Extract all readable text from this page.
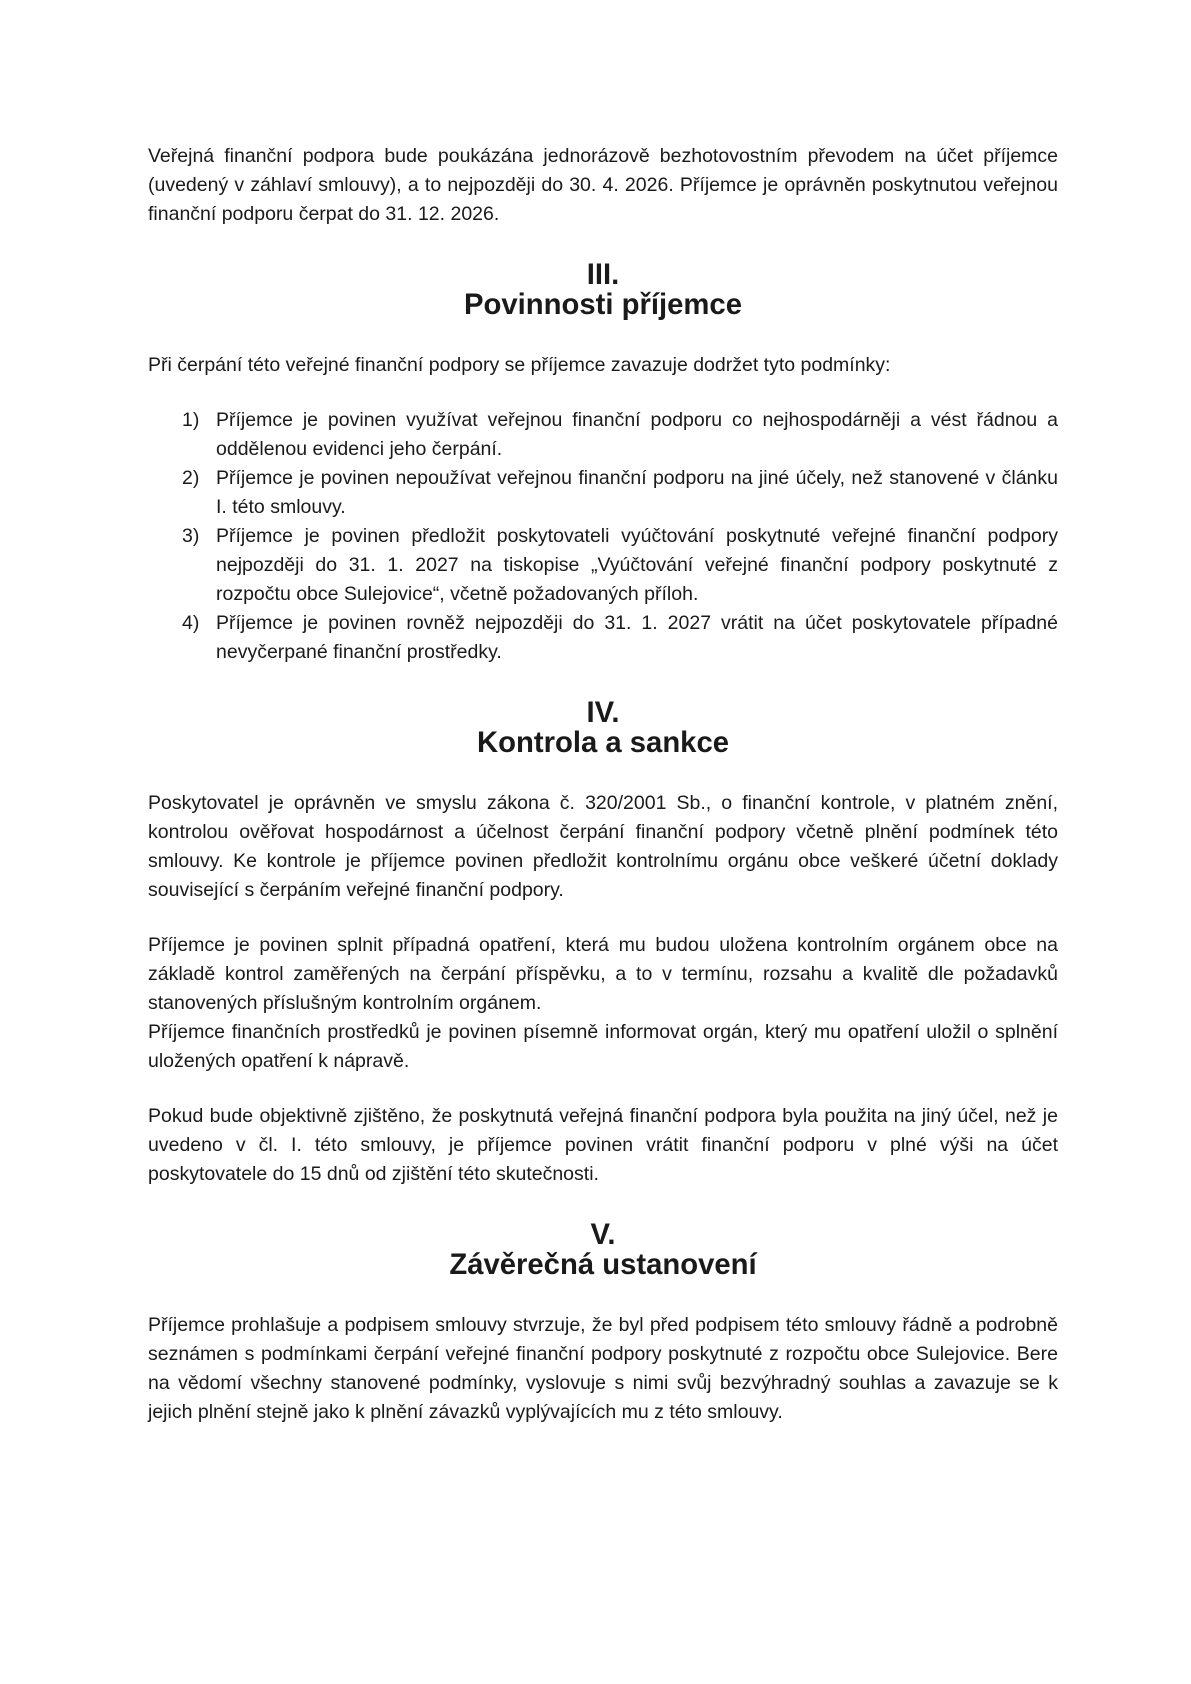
Veřejná finanční podpora bude poukázána jednorázově bezhotovostním převodem na účet příjemce (uvedený v záhlaví smlouvy), a to nejpozději do 30. 4. 2026. Příjemce je oprávněn poskytnutou veřejnou finanční podporu čerpat do 31. 12. 2026.

III.
Povinnosti příjemce

Při čerpání této veřejné finanční podpory se příjemce zavazuje dodržet tyto podmínky:

1) Příjemce je povinen využívat veřejnou finanční podporu co nejhospodárněji a vést řádnou a oddělenou evidenci jeho čerpání.
2) Příjemce je povinen nepoužívat veřejnou finanční podporu na jiné účely, než stanovené v článku I. této smlouvy.
3) Příjemce je povinen předložit poskytovateli vyúčtování poskytnuté veřejné finanční podpory nejpozději do 31. 1. 2027 na tiskopise „Vyúčtování veřejné finanční podpory poskytnuté z rozpočtu obce Sulejovice“, včetně požadovaných příloh.
4) Příjemce je povinen rovněž nejpozději do 31. 1. 2027 vrátit na účet poskytovatele případné nevyčerpané finanční prostředky.
IV.
Kontrola a sankce

Poskytovatel je oprávněn ve smyslu zákona č. 320/2001 Sb., o finanční kontrole, v platném znění, kontrolou ověřovat hospodárnost a účelnost čerpání finanční podpory včetně plnění podmínek této smlouvy. Ke kontrole je příjemce povinen předložit kontrolnímu orgánu obce veškeré účetní doklady související s čerpáním veřejné finanční podpory.

Příjemce je povinen splnit případná opatření, která mu budou uložena kontrolním orgánem obce na základě kontrol zaměřených na čerpání příspěvku, a to v termínu, rozsahu a kvalitě dle požadavků stanovených příslušným kontrolním orgánem.

Příjemce finančních prostředků je povinen písemně informovat orgán, který mu opatření uložil o splnění uložených opatření k nápravě.

Pokud bude objektivně zjištěno, že poskytnutá veřejná finanční podpora byla použita na jiný účel, než je uvedeno v čl. I. této smlouvy, je příjemce povinen vrátit finanční podporu v plné výši na účet poskytovatele do 15 dnů od zjištění této skutečnosti.

V.
Závěrečná ustanovení

Příjemce prohlašuje a podpisem smlouvy stvrzuje, že byl před podpisem této smlouvy řádně a podrobně seznámen s podmínkami čerpání veřejné finanční podpory poskytnuté z rozpočtu obce Sulejovice. Bere na vědomí všechny stanovené podmínky, vyslovuje s nimi svůj bezvýhradný souhlas a zavazuje se k jejich plnění stejně jako k plnění závazků vyplývajících mu z této smlouvy.
